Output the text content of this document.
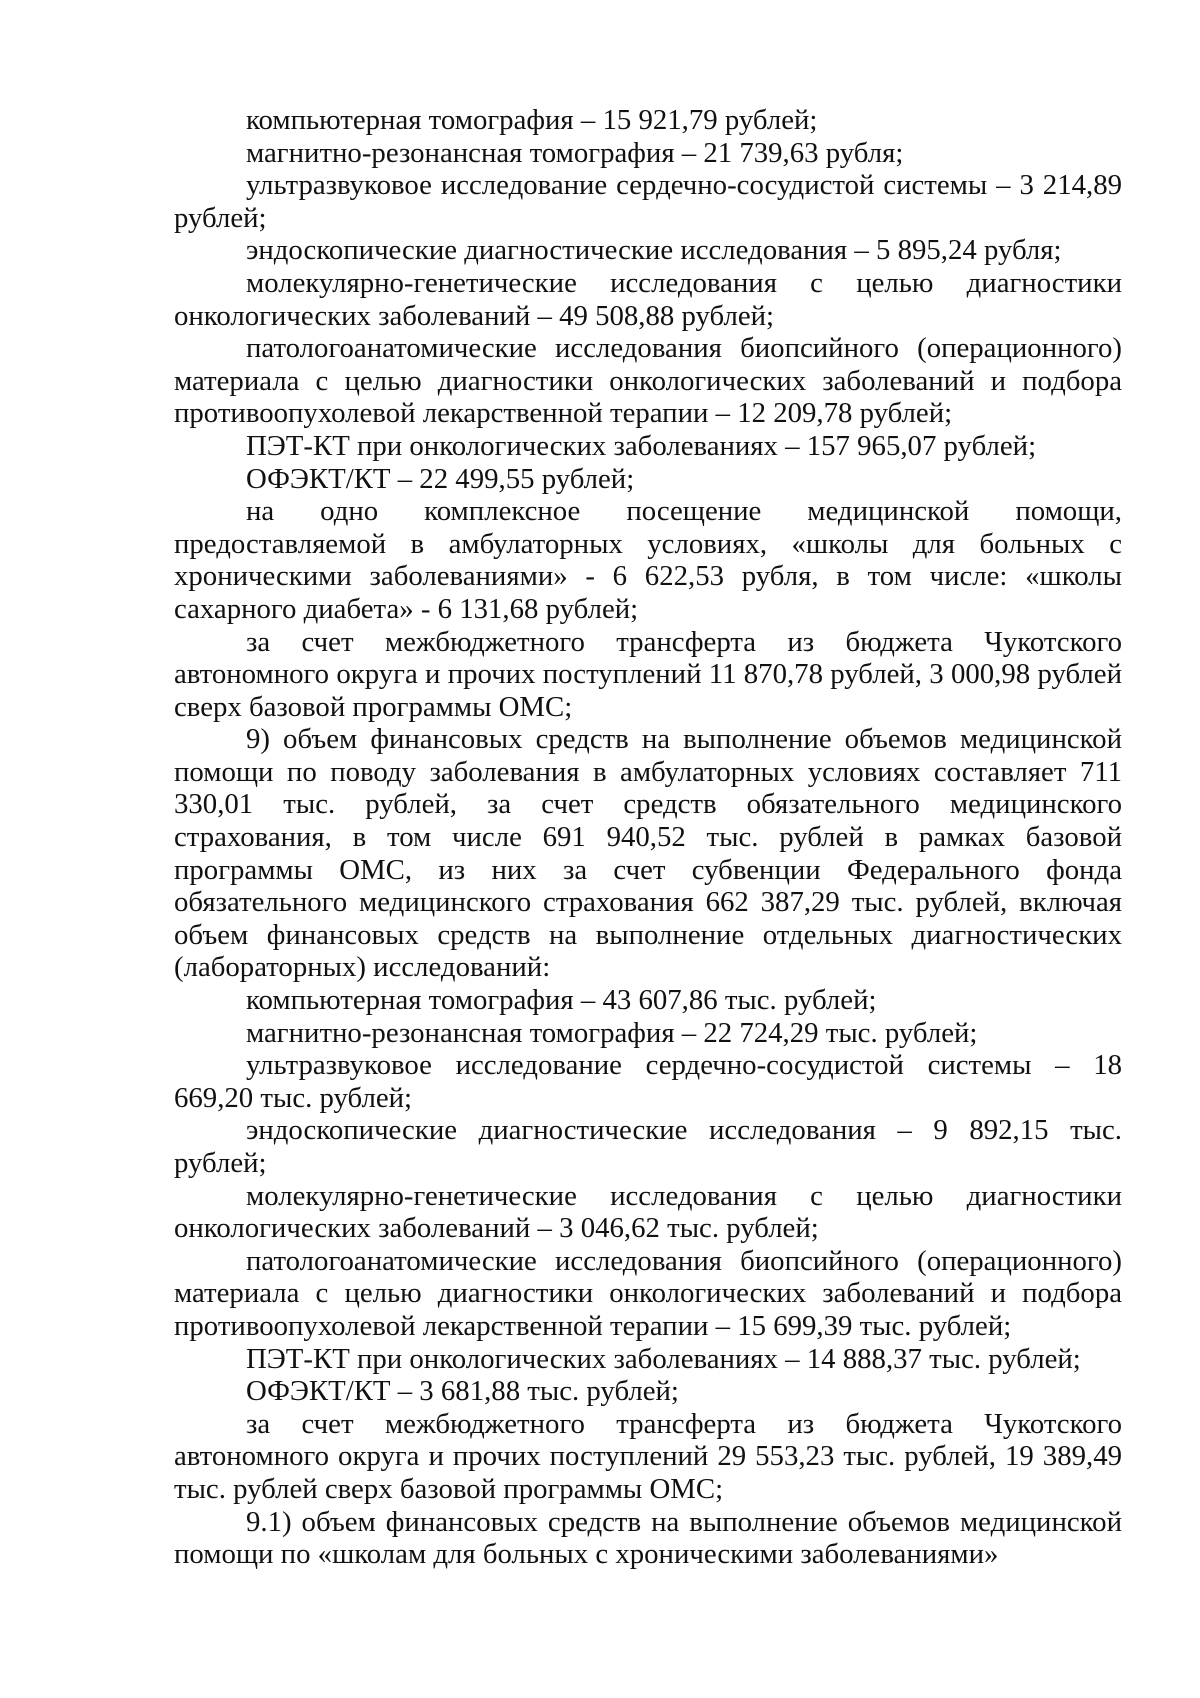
компьютерная томография – 15 921,79 рублей;

магнитно-резонансная томография – 21 739,63 рубля;

ультразвуковое исследование сердечно-сосудистой системы – 3 214,89 рублей;

эндоскопические диагностические исследования – 5 895,24 рубля;

молекулярно-генетические исследования с целью диагностики онкологических заболеваний – 49 508,88 рублей;

патологоанатомические исследования биопсийного (операционного) материала с целью диагностики онкологических заболеваний и подбора противоопухолевой лекарственной терапии – 12 209,78 рублей;

ПЭТ-КТ при онкологических заболеваниях – 157 965,07 рублей;

ОФЭКТ/КТ – 22 499,55 рублей;

на одно комплексное посещение медицинской помощи, предоставляемой в амбулаторных условиях, «школы для больных с хроническими заболеваниями» - 6 622,53 рубля, в том числе: «школы сахарного диабета» - 6 131,68 рублей;

за счет межбюджетного трансферта из бюджета Чукотского автономного округа и прочих поступлений 11 870,78 рублей, 3 000,98 рублей сверх базовой программы ОМС;

9) объем финансовых средств на выполнение объемов медицинской помощи по поводу заболевания в амбулаторных условиях составляет 711 330,01 тыс. рублей, за счет средств обязательного медицинского страхования, в том числе 691 940,52 тыс. рублей в рамках базовой программы ОМС, из них за счет субвенции Федерального фонда обязательного медицинского страхования 662 387,29 тыс. рублей, включая объем финансовых средств на выполнение отдельных диагностических (лабораторных) исследований:

компьютерная томография – 43 607,86 тыс. рублей;

магнитно-резонансная томография – 22 724,29 тыс. рублей;

ультразвуковое исследование сердечно-сосудистой системы – 18 669,20 тыс. рублей;

эндоскопические диагностические исследования – 9 892,15 тыс. рублей;

молекулярно-генетические исследования с целью диагностики онкологических заболеваний – 3 046,62 тыс. рублей;

патологоанатомические исследования биопсийного (операционного) материала с целью диагностики онкологических заболеваний и подбора противоопухолевой лекарственной терапии – 15 699,39 тыс. рублей;

ПЭТ-КТ при онкологических заболеваниях – 14 888,37 тыс. рублей;

ОФЭКТ/КТ – 3 681,88 тыс. рублей;

за счет межбюджетного трансферта из бюджета Чукотского автономного округа и прочих поступлений 29 553,23 тыс. рублей, 19 389,49 тыс. рублей сверх базовой программы ОМС;

9.1) объем финансовых средств на выполнение объемов медицинской помощи по «школам для больных с хроническими заболеваниями»
